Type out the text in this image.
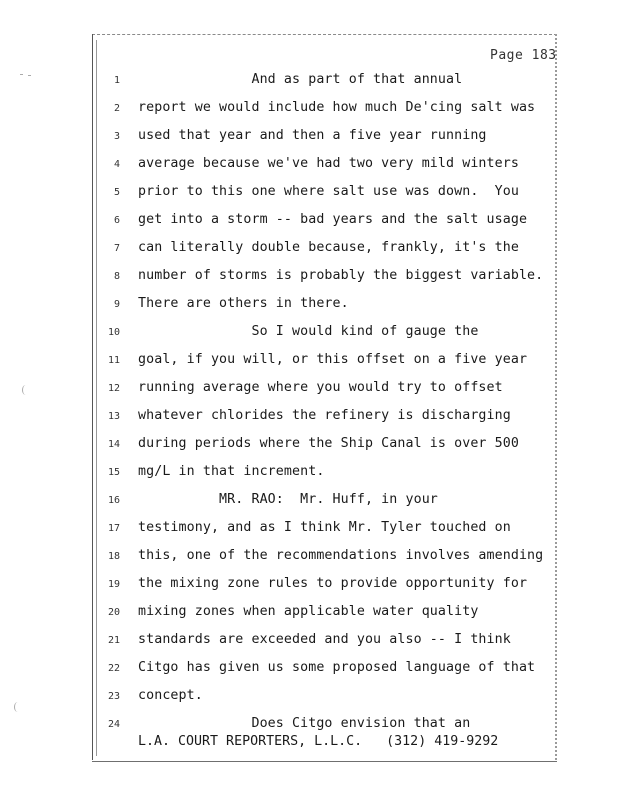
Page 183
1 And as part of that annual
2 report we would include how much De'cing salt was
3 used that year and then a five year running
4 average because we've had two very mild winters
5 prior to this one where salt use was down.  You
6 get into a storm -- bad years and the salt usage
7 can literally double because, frankly, it's the
8 number of storms is probably the biggest variable.
9 There are others in there.
10 So I would kind of gauge the
11 goal, if you will, or this offset on a five year
12 running average where you would try to offset
13 whatever chlorides the refinery is discharging
14 during periods where the Ship Canal is over 500
15 mg/L in that increment.
16 MR. RAO:  Mr. Huff, in your
17 testimony, and as I think Mr. Tyler touched on
18 this, one of the recommendations involves amending
19 the mixing zone rules to provide opportunity for
20 mixing zones when applicable water quality
21 standards are exceeded and you also -- I think
22 Citgo has given us some proposed language of that
23 concept.
24 Does Citgo envision that an
L.A. COURT REPORTERS, L.L.C.   (312) 419-9292
